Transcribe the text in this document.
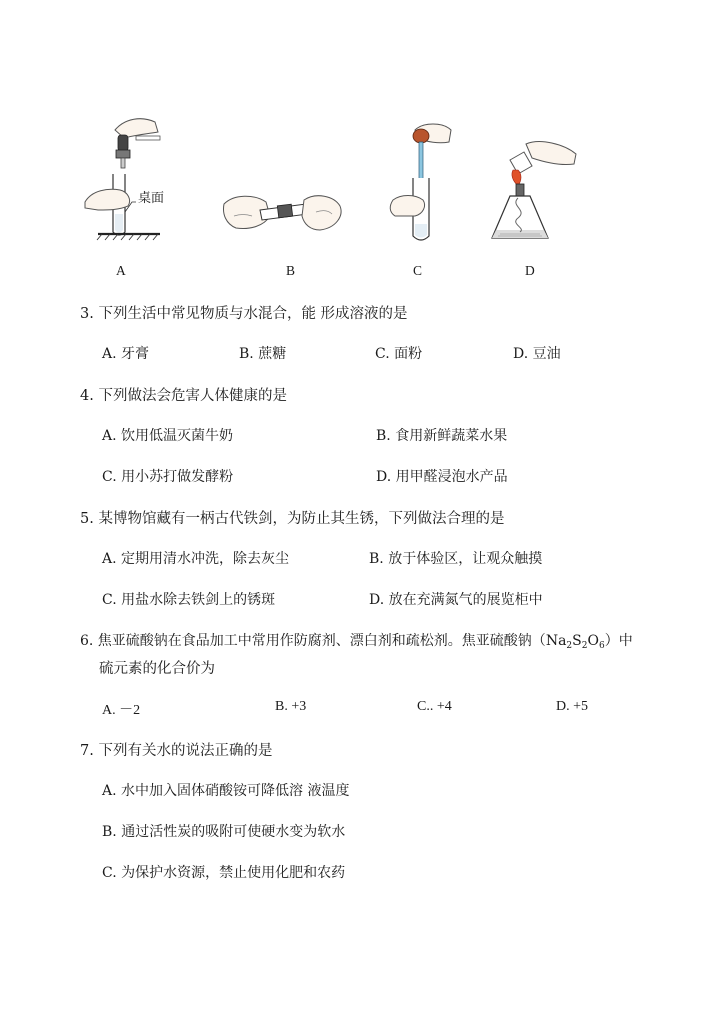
桌面
A	B	C	D
3. 下列生活中常见物质与水混合，能 形成溶液的是
A. 牙膏	B. 蔗糖	C. 面粉	D. 豆油
4. 下列做法会危害人体健康的是
A. 饮用低温灭菌牛奶	B. 食用新鲜蔬菜水果
C. 用小苏打做发酵粉	D. 用甲醛浸泡水产品
5. 某博物馆藏有一柄古代铁剑，为防止其生锈，下列做法合理的是
A. 定期用清水冲洗，除去灰尘	B. 放于体验区，让观众触摸
C. 用盐水除去铁剑上的锈斑	D. 放在充满氮气的展览柜中
6. 焦亚硫酸钠在食品加工中常用作防腐剂、漂白剂和疏松剂。焦亚硫酸钠$(Na_2S_2O_6)$中
硫元素的化合价为
A. －2	B. +3	C.. +4	D. +5
7. 下列有关水的说法正确的是
A. 水中加入固体硝酸铵可降低溶 液温度
B. 通过活性炭的吸附可使硬水变为软水
C. 为保护水资源，禁止使用化肥和农药
